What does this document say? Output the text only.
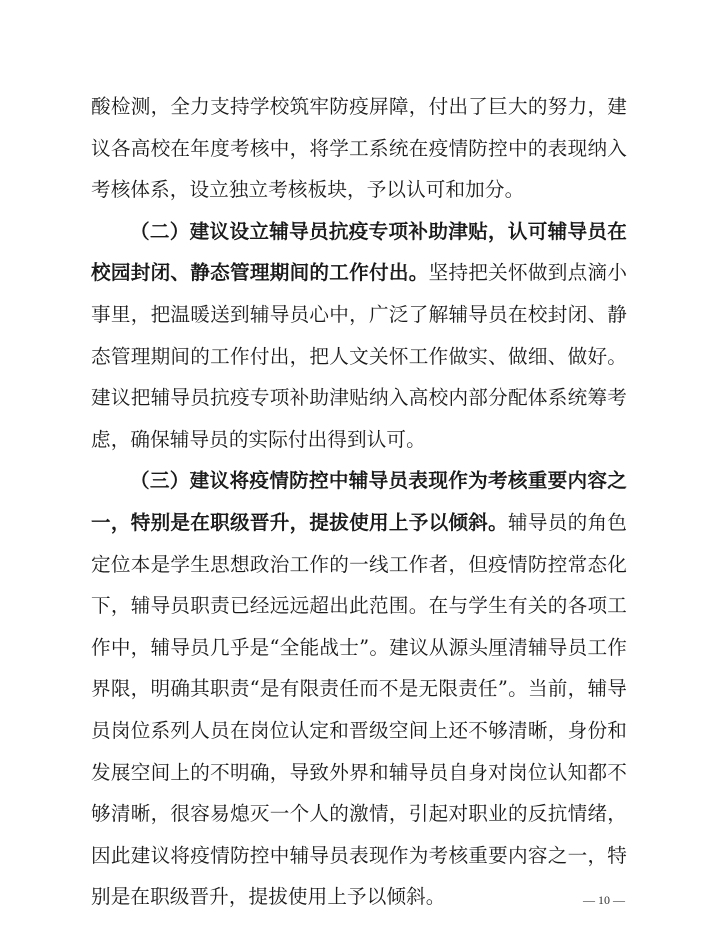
酸检测，全力支持学校筑牢防疫屏障，付出了巨大的努力，建议各高校在年度考核中，将学工系统在疫情防控中的表现纳入考核体系，设立独立考核板块，予以认可和加分。

（二）建议设立辅导员抗疫专项补助津贴，认可辅导员在校园封闭、静态管理期间的工作付出。坚持把关怀做到点滴小事里，把温暖送到辅导员心中，广泛了解辅导员在校封闭、静态管理期间的工作付出，把人文关怀工作做实、做细、做好。建议把辅导员抗疫专项补助津贴纳入高校内部分配体系统筹考虑，确保辅导员的实际付出得到认可。

（三）建议将疫情防控中辅导员表现作为考核重要内容之一，特别是在职级晋升，提拔使用上予以倾斜。辅导员的角色定位本是学生思想政治工作的一线工作者，但疫情防控常态化下，辅导员职责已经远远超出此范围。在与学生有关的各项工作中，辅导员几乎是“全能战士”。建议从源头厘清辅导员工作界限，明确其职责“是有限责任而不是无限责任”。当前，辅导员岗位系列人员在岗位认定和晋级空间上还不够清晰，身份和发展空间上的不明确，导致外界和辅导员自身对岗位认知都不够清晰，很容易熄灭一个人的激情，引起对职业的反抗情绪，因此建议将疫情防控中辅导员表现作为考核重要内容之一，特别是在职级晋升，提拔使用上予以倾斜。	— 10 —
